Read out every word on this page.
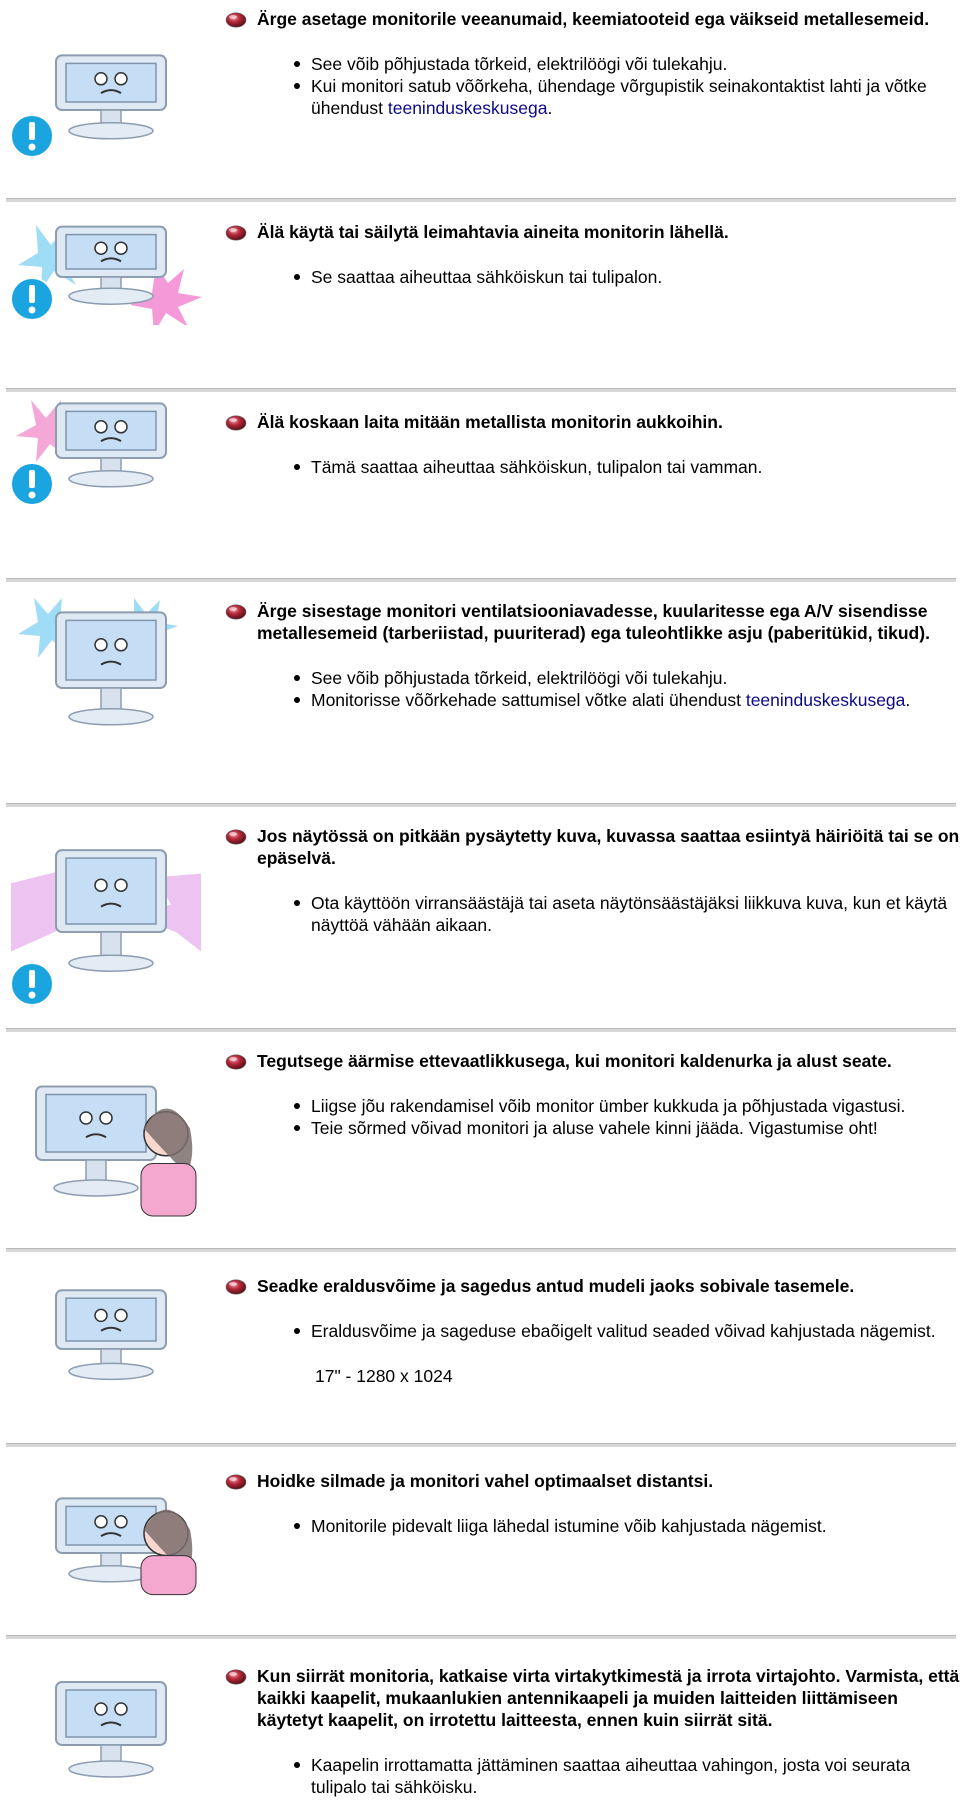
Ärge asetage monitorile veeanumaid, keemiatooteid ega väikseid metallesemeid.
See võib põhjustada tõrkeid, elektrilöögi või tulekahju.
Kui monitori satub võõrkeha, ühendage võrgupistik seinakontaktist lahti ja võtke ühendust teeninduskeskusega.
Älä käytä tai säilytä leimahtavia aineita monitorin lähellä.
Se saattaa aiheuttaa sähköiskun tai tulipalon.
Älä koskaan laita mitään metallista monitorin aukkoihin.
Tämä saattaa aiheuttaa sähköiskun, tulipalon tai vamman.
Ärge sisestage monitori ventilatsiooniavadesse, kuularitesse ega A/V sisendisse metallesemeid (tarberiistad, puuriterad) ega tuleohtlikke asju (paberitükid, tikud).
See võib põhjustada tõrkeid, elektrilöögi või tulekahju.
Monitorisse võõrkehade sattumisel võtke alati ühendust teeninduskeskusega.
Jos näytössä on pitkään pysäytetty kuva, kuvassa saattaa esiintyä häiriöitä tai se on epäselvä.
Ota käyttöön virransäästäjä tai aseta näytönsäästäjäksi liikkuva kuva, kun et käytä näyttöä vähään aikaan.
Tegutsege äärmise ettevaatlikkusega, kui monitori kaldenurka ja alust seate.
Liigse jõu rakendamisel võib monitor ümber kukkuda ja põhjustada vigastusi.
Teie sõrmed võivad monitori ja aluse vahele kinni jääda. Vigastumise oht!
Seadke eraldusvõime ja sagedus antud mudeli jaoks sobivale tasemele.
Eraldusvõime ja sageduse ebaõigelt valitud seaded võivad kahjustada nägemist.
17" - 1280 x 1024
Hoidke silmade ja monitori vahel optimaalset distantsi.
Monitorile pidevalt liiga lähedal istumine võib kahjustada nägemist.
Kun siirrät monitoria, katkaise virta virtakytkimestä ja irrota virtajohto. Varmista, että kaikki kaapelit, mukaanlukien antennikaapeli ja muiden laitteiden liittämiseen käytetyt kaapelit, on irrotettu laitteesta, ennen kuin siirrät sitä.
Kaapelin irrottamatta jättäminen saattaa aiheuttaa vahingon, josta voi seurata tulipalo tai sähköisku.
